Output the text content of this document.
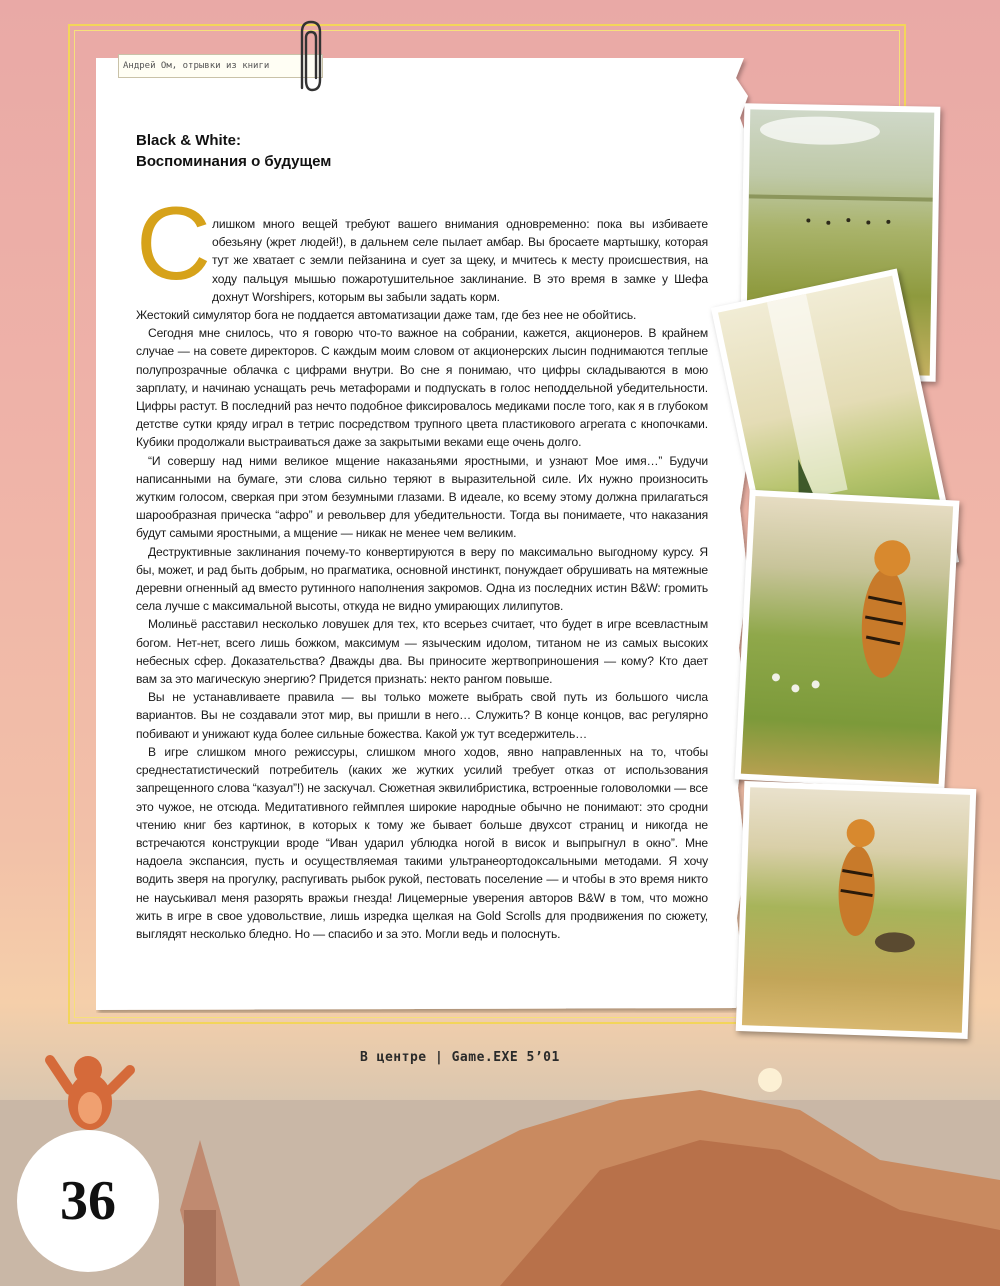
Андрей Ом, отрывки из книги
Black & White:
Воспоминания о будущем
С лишком много вещей требуют вашего внимания одновременно: пока вы избиваете обезьяну (жрет людей!), в дальнем селе пылает амбар. Вы бросаете мартышку, которая тут же хватает с земли пейзанина и сует за щеку, и мчитесь к месту происшествия, на ходу пальцуя мышью пожаротушительное заклинание. В это время в замке у Шефа дохнут Worshipers, которым вы забыли задать корм.
Жестокий симулятор бога не поддается автоматизации даже там, где без нее не обойтись.

Сегодня мне снилось, что я говорю что-то важное на собрании, кажется, акционеров. В крайнем случае — на совете директоров. С каждым моим словом от акционерских лысин поднимаются теплые полупрозрачные облачка с цифрами внутри. Во сне я понимаю, что цифры складываются в мою зарплату, и начинаю уснащать речь метафорами и подпускать в голос неподдельной убедительности. Цифры растут. В последний раз нечто подобное фиксировалось медиками после того, как я в глубоком детстве сутки кряду играл в тетрис посредством трупного цвета пластикового агрегата с кнопочками. Кубики продолжали выстраиваться даже за закрытыми веками еще очень долго.

“И совершу над ними великое мщение наказаньями яростными, и узнают Мое имя…” Будучи написанными на бумаге, эти слова сильно теряют в выразительной силе. Их нужно произносить жутким голосом, сверкая при этом безумными глазами. В идеале, ко всему этому должна прилагаться шарообразная прическа “афро” и револьвер для убедительности. Тогда вы понимаете, что наказания будут самыми яростными, а мщение — никак не менее чем великим.

Деструктивные заклинания почему-то конвертируются в веру по максимально выгодному курсу. Я бы, может, и рад быть добрым, но прагматика, основной инстинкт, понуждает обрушивать на мятежные деревни огненный ад вместо рутинного наполнения закромов. Одна из последних истин B&W: громить села лучше с максимальной высоты, откуда не видно умирающих лилипутов.

Молиньё расставил несколько ловушек для тех, кто всерьез считает, что будет в игре всевластным богом. Нет-нет, всего лишь божком, максимум — языческим идолом, титаном не из самых высоких небесных сфер. Доказательства? Дважды два. Вы приносите жертвоприношения — кому? Кто дает вам за это магическую энергию? Придется признать: некто рангом повыше.

Вы не устанавливаете правила — вы только можете выбрать свой путь из большого числа вариантов. Вы не создавали этот мир, вы пришли в него… Служить? В конце концов, вас регулярно побивают и унижают куда более сильные божества. Какой уж тут вседержитель…

В игре слишком много режиссуры, слишком много ходов, явно направленных на то, чтобы среднестатистический потребитель (каких же жутких усилий требует отказ от использования запрещенного слова “казуал”!) не заскучал. Сюжетная эквилибристика, встроенные головоломки — все это чужое, не отсюда. Медитативного геймплея широкие народные обычно не понимают: это сродни чтению книг без картинок, в которых к тому же бывает больше двухсот страниц и никогда не встречаются конструкции вроде “Иван ударил ублюдка ногой в висок и выпрыгнул в окно”. Мне надоела экспансия, пусть и осуществляемая такими ультранеортодоксальными методами. Я хочу водить зверя на прогулку, распугивать рыбок рукой, пестовать поселение — и чтобы в это время никто не науськивал меня разорять вражьи гнезда! Лицемерные уверения авторов B&W в том, что можно жить в игре в свое удовольствие, лишь изредка щелкая на Gold Scrolls для продвижения по сюжету, выглядят несколько бледно. Но — спасибо и за это. Могли ведь и полоснуть.

В центре | Game.EXE 5’01
36
